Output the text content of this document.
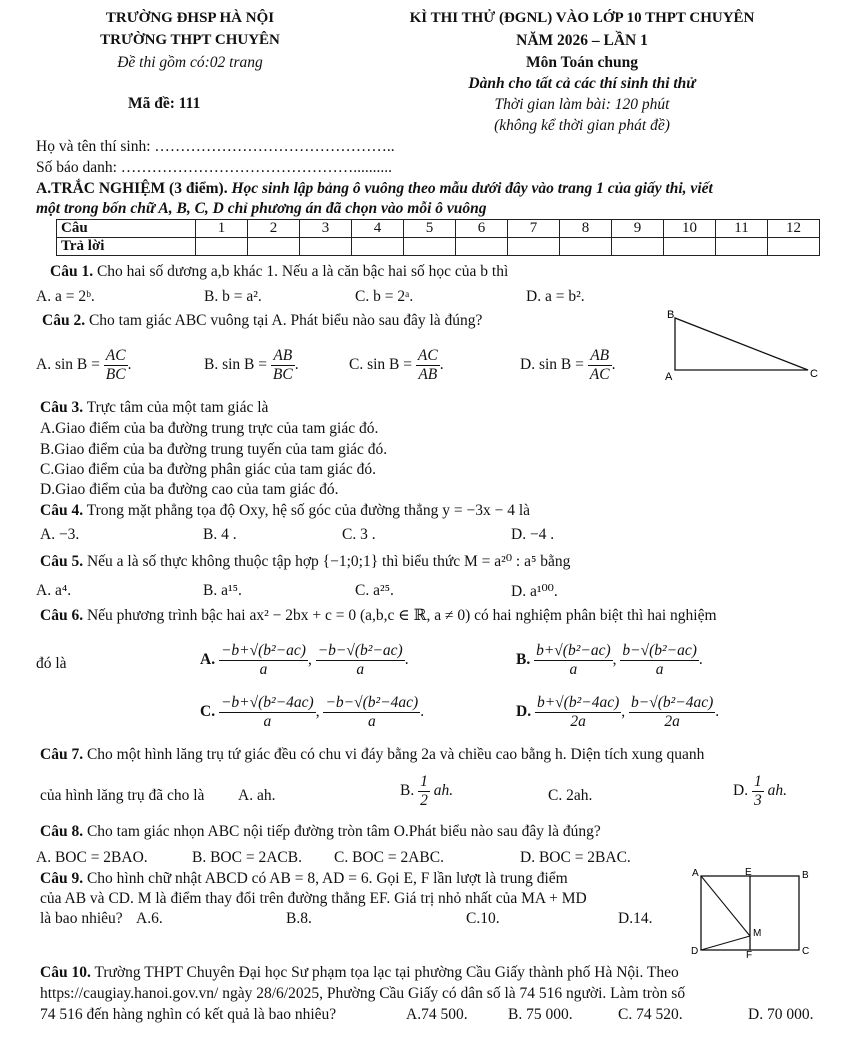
TRƯỜNG ĐHSP HÀ NỘI
TRƯỜNG THPT CHUYÊN
Đề thi gồm có:02 trang
Mã đề: 111
KÌ THI THỬ (ĐGNL) VÀO LỚP 10 THPT CHUYÊN
NĂM 2026 – LẦN 1
Môn Toán chung
Dành cho tất cả các thí sinh thi thử
Thời gian làm bài: 120 phút
(không kể thời gian phát đề)
Họ và tên thí sinh: ………………………………………..
Số báo danh: ………………………………………..........
A.TRẮC NGHIỆM (3 điểm). Học sinh lập bảng ô vuông theo mẫu dưới đây vào trang 1 của giấy thi, viết
một trong bốn chữ A, B, C, D chỉ phương án đã chọn vào mỗi ô vuông
Câu	1	2	3	4	5	6	7	8	9	10	11	12
Trả lời												
Câu 1. Cho hai số dương a,b khác 1. Nếu a là căn bậc hai số học của b thì
A. a = 2ᵇ.	B. b = a².	C. b = 2ᵃ.	D. a = b².
Câu 2. Cho tam giác ABC vuông tại A. Phát biểu nào sau đây là đúng?
A. $\sin B = \frac{AC}{BC}$ .	B. $\sin B = \frac{AB}{BC}$ .	C. $\sin B = \frac{AC}{AB}$ .	D. $\sin B = \frac{AB}{AC}$ .
B
A	C
Câu 3. Trực tâm của một tam giác là
A.Giao điểm của ba đường trung trực của tam giác đó.
B.Giao điểm của ba đường trung tuyến của tam giác đó.
C.Giao điểm của ba đường phân giác của tam giác đó.
D.Giao điểm của ba đường cao của tam giác đó.
Câu 4. Trong mặt phẳng tọa độ Oxy, hệ số góc của đường thẳng y = −3x − 4 là
A. −3.	B. 4 .	C. 3 .	D. −4 .
Câu 5. Nếu a là số thực không thuộc tập hợp {−1;0;1} thì biểu thức M = a²⁰ : a⁵ bằng
A. a⁴.	B. a¹⁵.	C. a²⁵.	D. a¹⁰⁰.
Câu 6. Nếu phương trình bậc hai ax² − 2bx + c = 0 (a,b,c ∈ ℝ, a ≠ 0) có hai nghiệm phân biệt thì hai nghiệm
đó là	A. $\frac{\text{−b+√(b²−ac)}}{a}$ , $\frac{\text{−b−√(b²−ac)}}{a}$ .	B. $\frac{\text{b+√(b²−ac)}}{a}$ , $\frac{\text{b−√(b²−ac)}}{a}$ .
C. $\frac{\text{−b+√(b²−4ac)}}{a}$ , $\frac{\text{−b−√(b²−4ac)}}{a}$ .	D. $\frac{\text{b+√(b²−4ac)}}{2a}$ , $\frac{\text{b−√(b²−4ac)}}{2a}$ .
Câu 7. Cho một hình lăng trụ tứ giác đều có chu vi đáy bằng 2a và chiều cao bằng h. Diện tích xung quanh
của hình lăng trụ đã cho là A. ah.	B. $\frac{1}{2}$ ah.	C. 2ah.	D. $\frac{1}{3}$ ah.
Câu 8. Cho tam giác nhọn ABC nội tiếp đường tròn tâm O.Phát biểu nào sau đây là đúng?
A. BOC = 2BAO.	B. BOC = 2ACB. C. BOC = 2ABC.	D. BOC = 2BAC.
Câu 9. Cho hình chữ nhật ABCD có AB = 8, AD = 6. Gọi E, F lần lượt là trung điểm
của AB và CD. M là điểm thay đổi trên đường thẳng EF. Giá trị nhỏ nhất của MA + MD
là bao nhiêu? A.6.	B.8.	C.10.	D.14.
A	E	B
D	F	C
M
Câu 10. Trường THPT Chuyên Đại học Sư phạm tọa lạc tại phường Cầu Giấy thành phố Hà Nội. Theo
https://caugiay.hanoi.gov.vn/ ngày 28/6/2025, Phường Cầu Giấy có dân số là 74 516 người. Làm tròn số
74 516 đến hàng nghìn có kết quả là bao nhiêu?	A.74 500.	B. 75 000.	C. 74 520.	D. 70 000.
